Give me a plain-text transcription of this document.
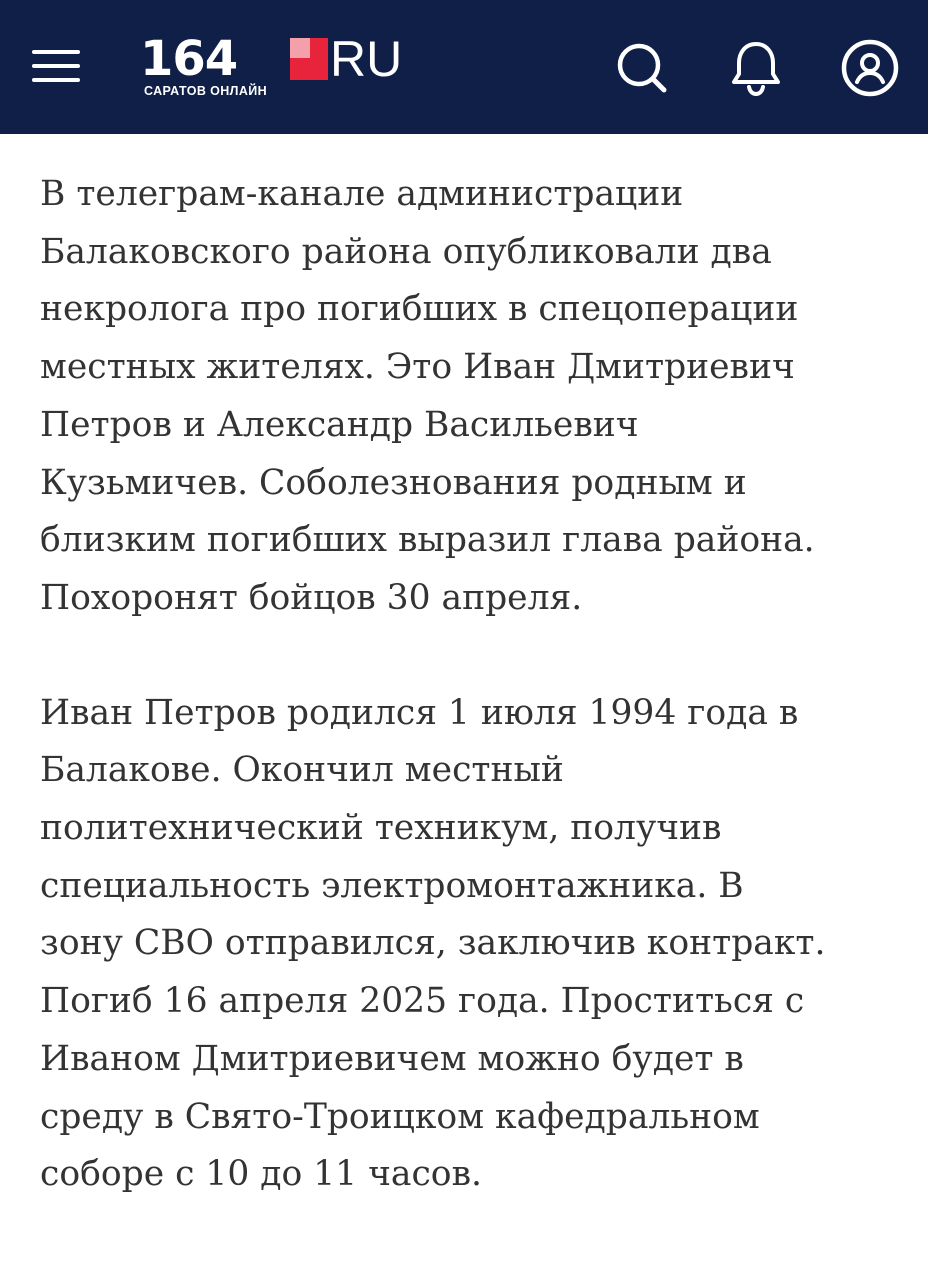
164 RU
САРАТОВ ОНЛАЙН

В телеграм-канале администрации
Балаковского района опубликовали два
некролога про погибших в спецоперации
местных жителях. Это Иван Дмитриевич
Петров и Александр Васильевич
Кузьмичев. Соболезнования родным и
близким погибших выразил глава района.
Похоронят бойцов 30 апреля.

Иван Петров родился 1 июля 1994 года в
Балакове. Окончил местный
политехнический техникум, получив
специальность электромонтажника. В
зону СВО отправился, заключив контракт.
Погиб 16 апреля 2025 года. Проститься с
Иваном Дмитриевичем можно будет в
среду в Свято-Троицком кафедральном
соборе с 10 до 11 часов.
